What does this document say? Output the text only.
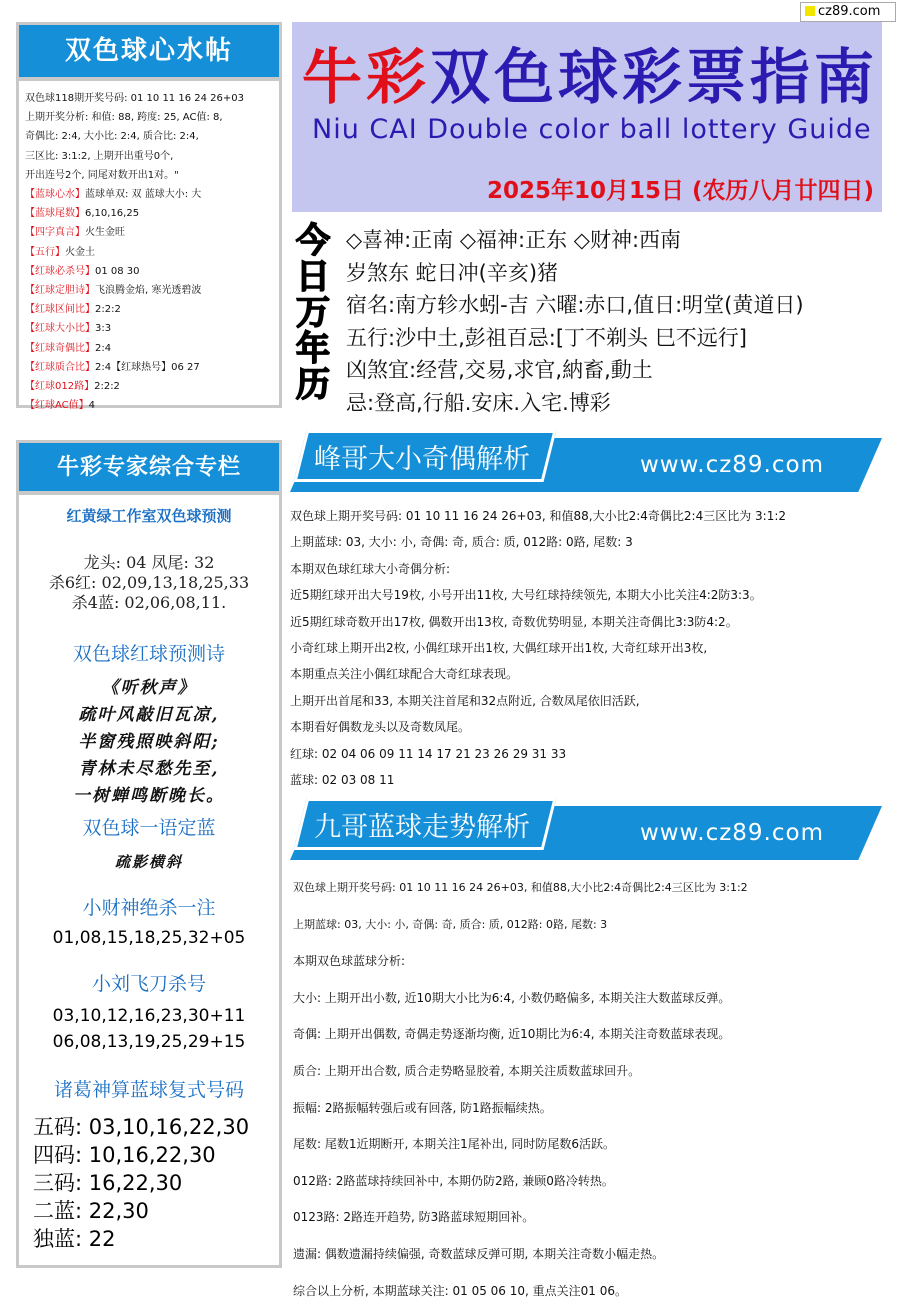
cz89.com
双色球心水帖
双色球118期开奖号码: 01 10 11 16 24 26+03
上期开奖分析: 和值: 88, 跨度: 25, AC值: 8,
奇偶比: 2:4, 大小比: 2:4, 质合比: 2:4,
三区比: 3:1:2, 上期开出重号0个,
开出连号2个, 同尾对数开出1对。"
【蓝球心水】蓝球单双: 双 蓝球大小: 大
【蓝球尾数】6,10,16,25
【四字真言】火生金旺
【五行】火金土
【红球必杀号】01 08 30
【红球定胆诗】飞浪腾金焰, 寒光透碧波
【红球区间比】2:2:2
【红球大小比】3:3
【红球奇偶比】2:4
【红球质合比】2:4【红球热号】06 27
【红球012路】2:2:2
【红球AC值】4
牛彩专家综合专栏
红黄绿工作室双色球预测
龙头: 04 凤尾: 32
杀6红: 02,09,13,18,25,33
杀4蓝: 02,06,08,11.
双色球红球预测诗
《听秋声》
疏叶风敲旧瓦凉,
半窗残照映斜阳;
青林未尽愁先至,
一树蝉鸣断晚长。
双色球一语定蓝
疏影横斜
小财神绝杀一注
01,08,15,18,25,32+05
小刘飞刀杀号
03,10,12,16,23,30+11
06,08,13,19,25,29+15
诸葛神算蓝球复式号码
五码: 03,10,16,22,30
四码: 10,16,22,30
三码: 16,22,30
二蓝: 22,30
独蓝: 22
牛彩双色球彩票指南
Niu CAI Double color ball lottery Guide
2025年10月15日 (农历八月廿四日)
今
日
万
年
历
◇喜神:正南 ◇福神:正东 ◇财神:西南
岁煞东 蛇日冲(辛亥)猪
宿名:南方轸水蚓-吉 六曜:赤口,值日:明堂(黄道日)
五行:沙中土,彭祖百忌:[丁不剃头 巳不远行]
凶煞宜:经营,交易,求官,納畜,動土
忌:登高,行船.安床.入宅.博彩
峰哥大小奇偶解析	www.cz89.com

双色球上期开奖号码: 01 10 11 16 24 26+03, 和值88,大小比2:4奇偶比2:4三区比为 3:1:2

上期蓝球: 03, 大小: 小, 奇偶: 奇, 质合: 质, 012路: 0路, 尾数: 3

本期双色球红球大小奇偶分析:

近5期红球开出大号19枚, 小号开出11枚, 大号红球持续领先, 本期大小比关注4:2防3:3。

近5期红球奇数开出17枚, 偶数开出13枚, 奇数优势明显, 本期关注奇偶比3:3防4:2。

小奇红球上期开出2枚, 小偶红球开出1枚, 大偶红球开出1枚, 大奇红球开出3枚,

本期重点关注小偶红球配合大奇红球表现。

上期开出首尾和33, 本期关注首尾和32点附近, 合数凤尾依旧活跃,

本期看好偶数龙头以及奇数凤尾。

红球: 02 04 06 09 11 14 17 21 23 26 29 31 33

蓝球: 02 03 08 11

九哥蓝球走势解析	www.cz89.com

双色球上期开奖号码: 01 10 11 16 24 26+03, 和值88,大小比2:4奇偶比2:4三区比为 3:1:2

上期蓝球: 03, 大小: 小, 奇偶: 奇, 质合: 质, 012路: 0路, 尾数: 3

本期双色球蓝球分析:

大小: 上期开出小数, 近10期大小比为6:4, 小数仍略偏多, 本期关注大数蓝球反弹。

奇偶: 上期开出偶数, 奇偶走势逐渐均衡, 近10期比为6:4, 本期关注奇数蓝球表现。

质合: 上期开出合数, 质合走势略显胶着, 本期关注质数蓝球回升。

振幅: 2路振幅转强后或有回落, 防1路振幅续热。

尾数: 尾数1近期断开, 本期关注1尾补出, 同时防尾数6活跃。

012路: 2路蓝球持续回补中, 本期仍防2路, 兼顾0路冷转热。

0123路: 2路连开趋势, 防3路蓝球短期回补。

遗漏: 偶数遗漏持续偏强, 奇数蓝球反弹可期, 本期关注奇数小幅走热。

综合以上分析, 本期蓝球关注: 01 05 06 10, 重点关注01 06。
